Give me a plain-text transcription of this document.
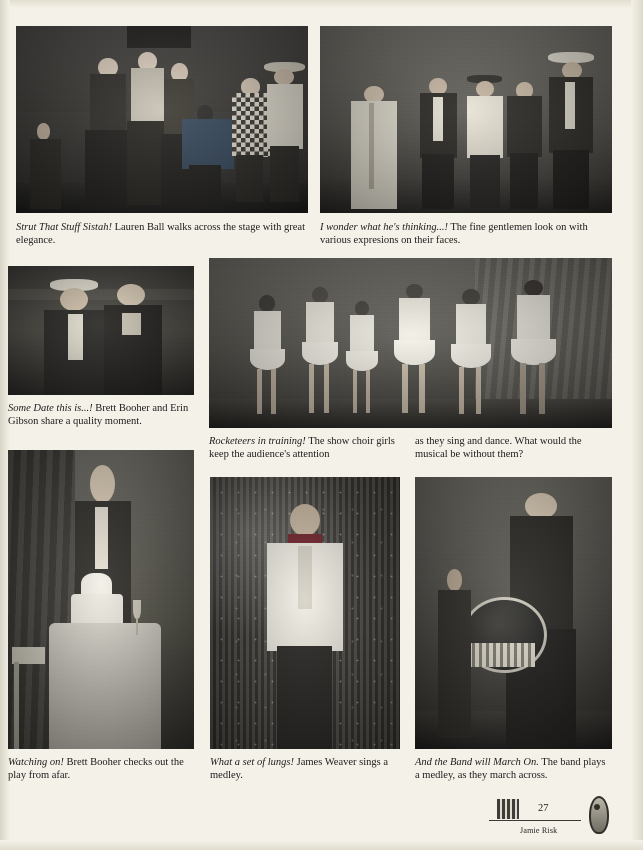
Strut That Stuff Sistah! Lauren Ball walks across the stage with great elegance.
I wonder what he's thinking...! The fine gentlemen look on with various expresions on their faces.
Some Date this is...! Brett Booher and Erin Gibson share a quality moment.
Rocketeers in training! The show choir girls keep the audience's attention
as they sing and dance. What would the musical be without them?
Watching on! Brett Booher checks out the play from afar.
What a set of lungs! James Weaver sings a medley.
And the Band will March On. The band plays a medley, as they march across.
27
Jamie Risk
